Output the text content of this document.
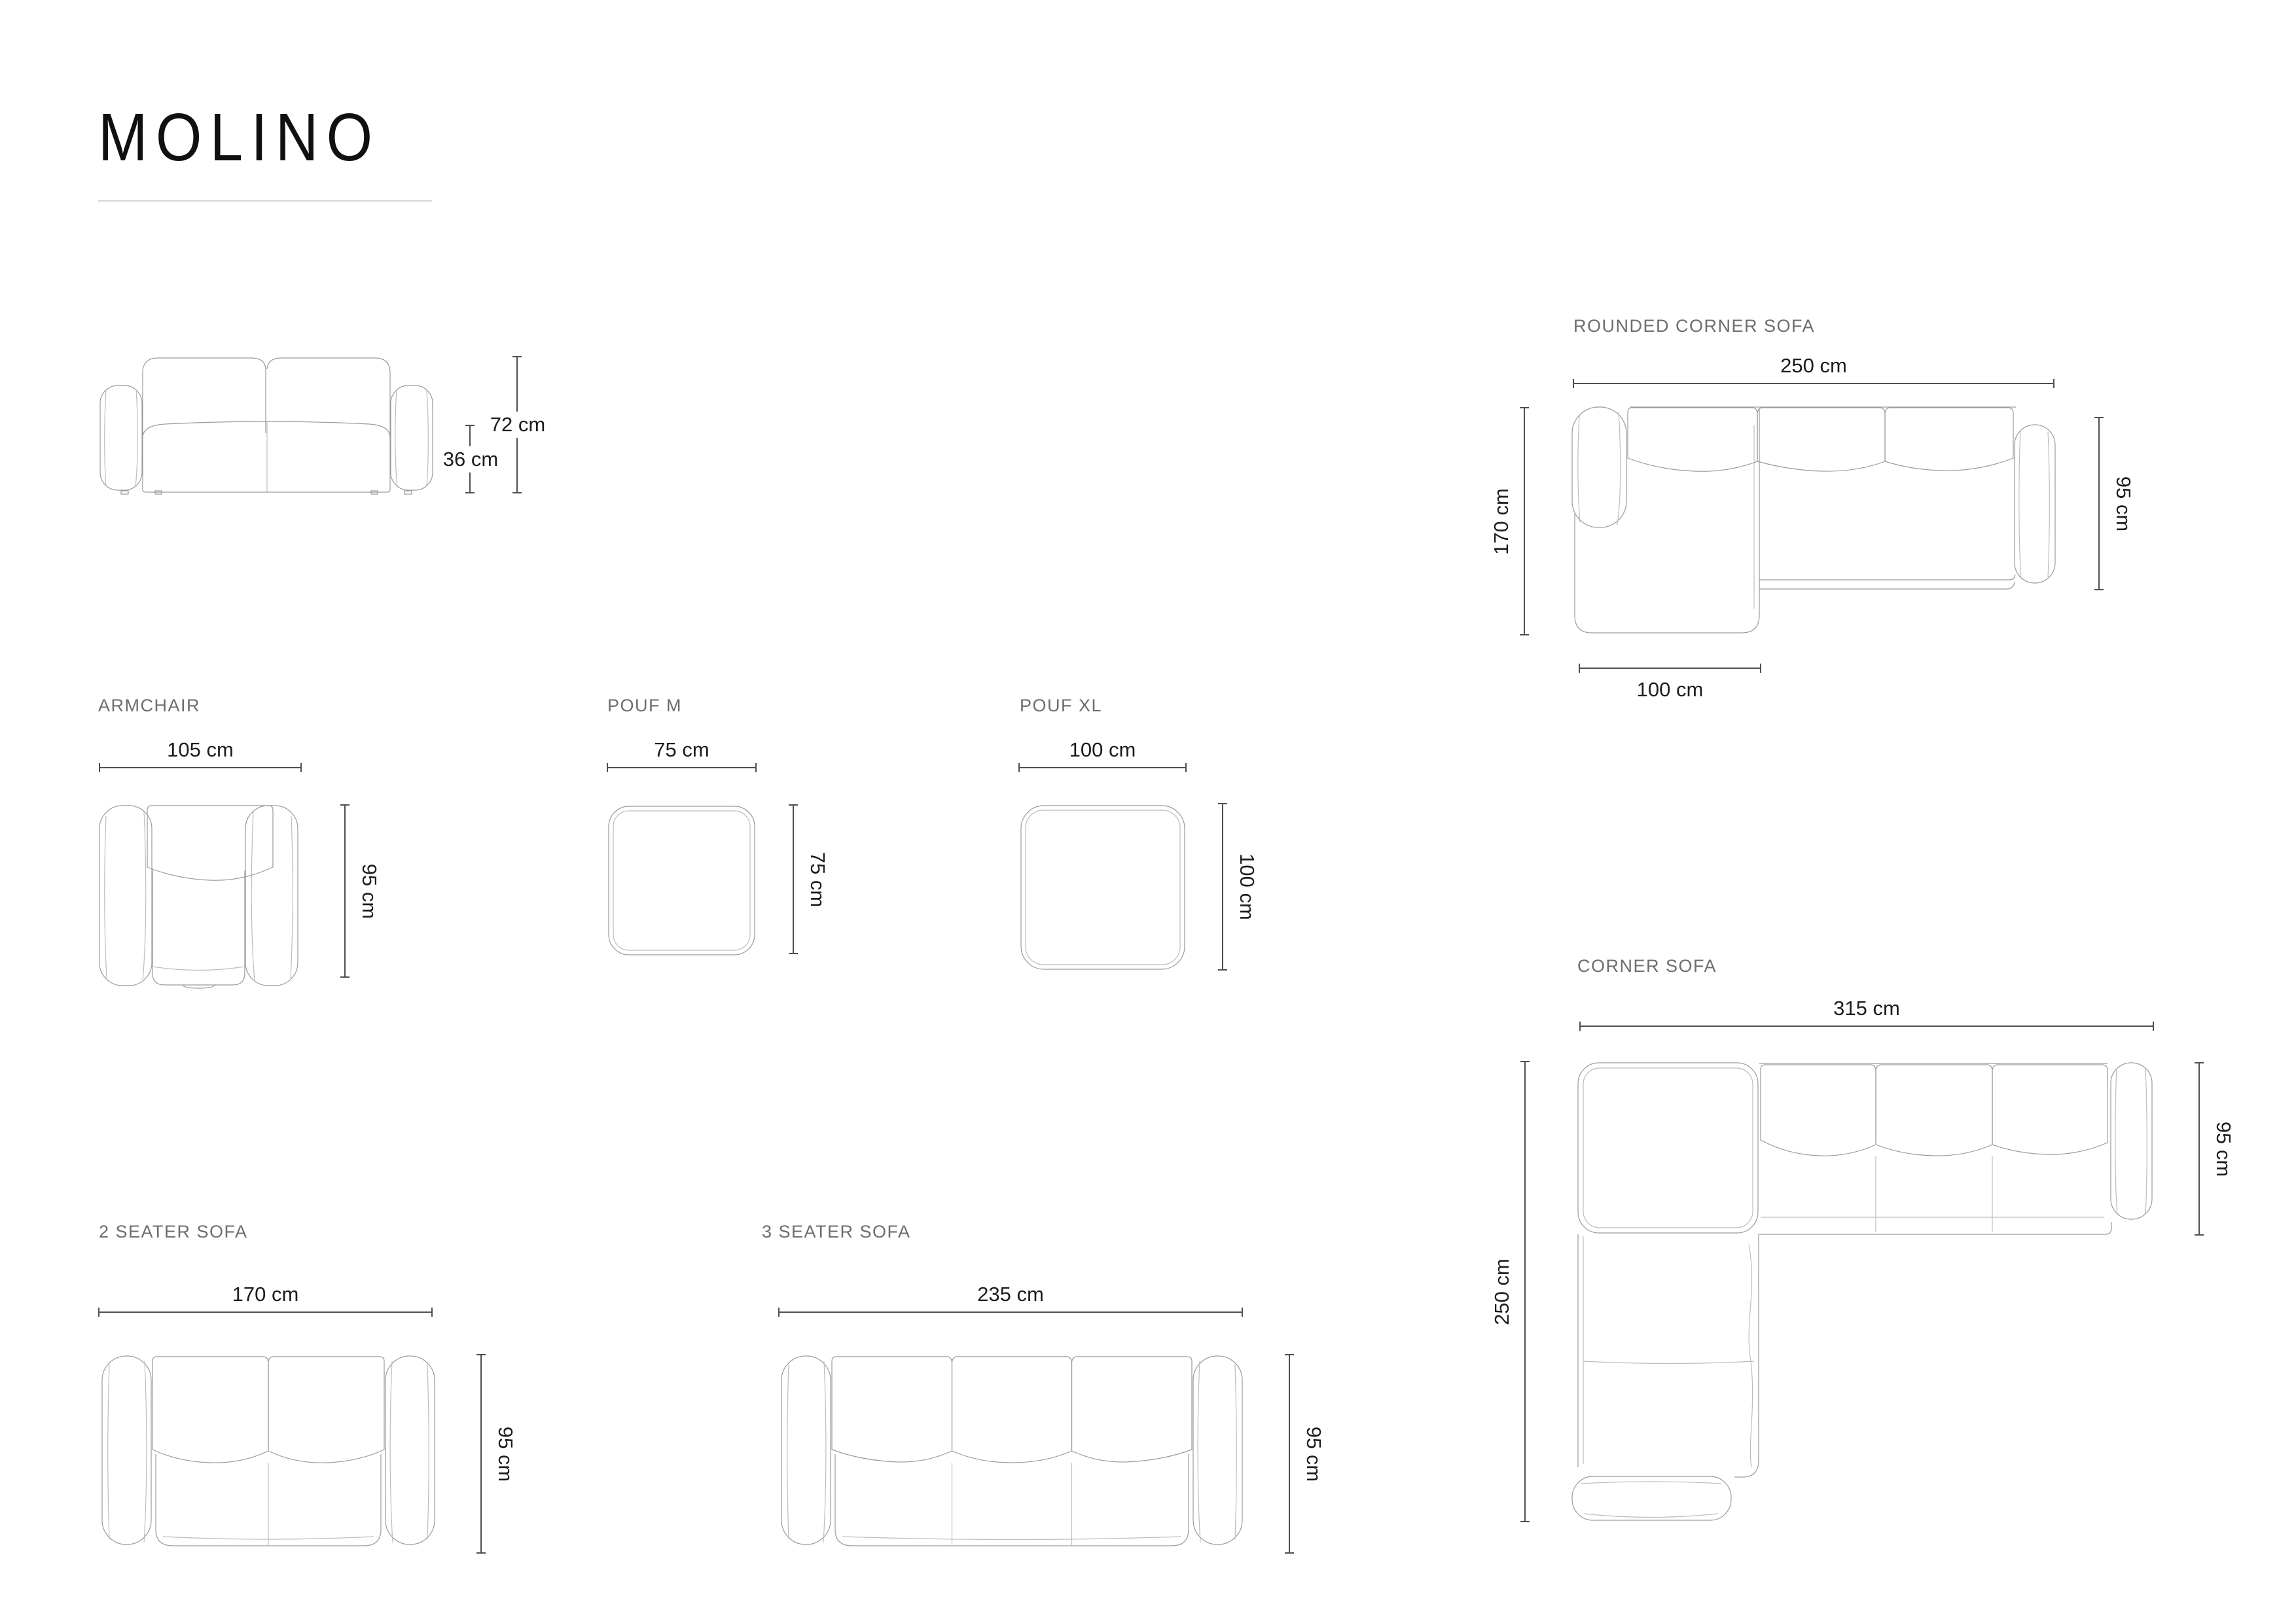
MOLINO
36 cm
72 cm

ROUNDED CORNER SOFA

250 cm
170 cm	95 cm
100 cm

ARMCHAIR

105 cm
95 cm

POUF M

75 cm
75 cm

POUF XL

100 cm
100 cm

2 SEATER SOFA

170 cm
95 cm

3 SEATER SOFA

235 cm
95 cm

CORNER SOFA

315 cm
250 cm
95 cm
